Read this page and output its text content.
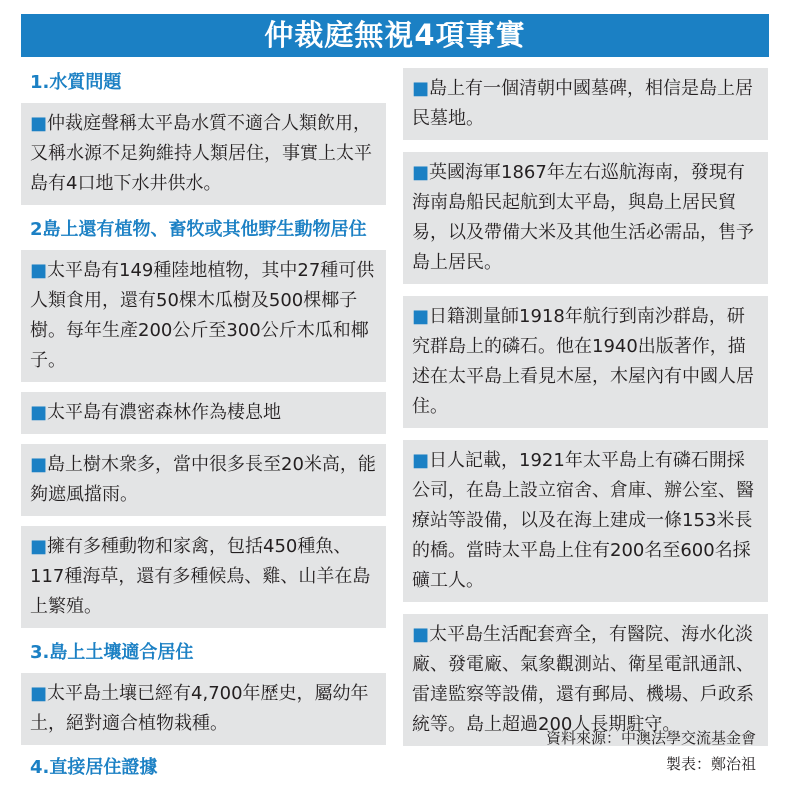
仲裁庭無視4項事實

1.水質問題

■仲裁庭聲稱太平島水質不適合人類飲用，又稱水源不足夠維持人類居住，事實上太平島有4口地下水井供水。

2島上還有植物、畜牧或其他野生動物居住

■太平島有149種陸地植物，其中27種可供人類食用，還有50棵木瓜樹及500棵椰子樹。每年生產200公斤至300公斤木瓜和椰子。
■太平島有濃密森林作為棲息地
■島上樹木衆多，當中很多長至20米高，能夠遮風擋雨。
■擁有多種動物和家禽，包括450種魚、117種海草，還有多種候鳥、雞、山羊在島上繁殖。

3.島上土壤適合居住

■太平島土壤已經有4,700年歷史，屬幼年土，絕對適合植物栽種。

4.直接居住證據

■島上有一個清朝中國墓碑，相信是島上居民墓地。
■英國海軍1867年左右巡航海南，發現有海南島船民起航到太平島，與島上居民貿易，以及帶備大米及其他生活必需品，售予島上居民。
■日籍測量師1918年航行到南沙群島，研究群島上的磷石。他在1940出版著作，描述在太平島上看見木屋，木屋內有中國人居住。
■日人記載，1921年太平島上有磷石開採公司，在島上設立宿舍、倉庫、辦公室、醫療站等設備，以及在海上建成一條153米長的橋。當時太平島上住有200名至600名採礦工人。
■太平島生活配套齊全，有醫院、海水化淡廠、發電廠、氣象觀測站、衛星電訊通訊、雷達監察等設備，還有郵局、機場、戶政系統等。島上超過200人長期駐守。
資料來源：中澳法學交流基金會
製表：鄭治祖
